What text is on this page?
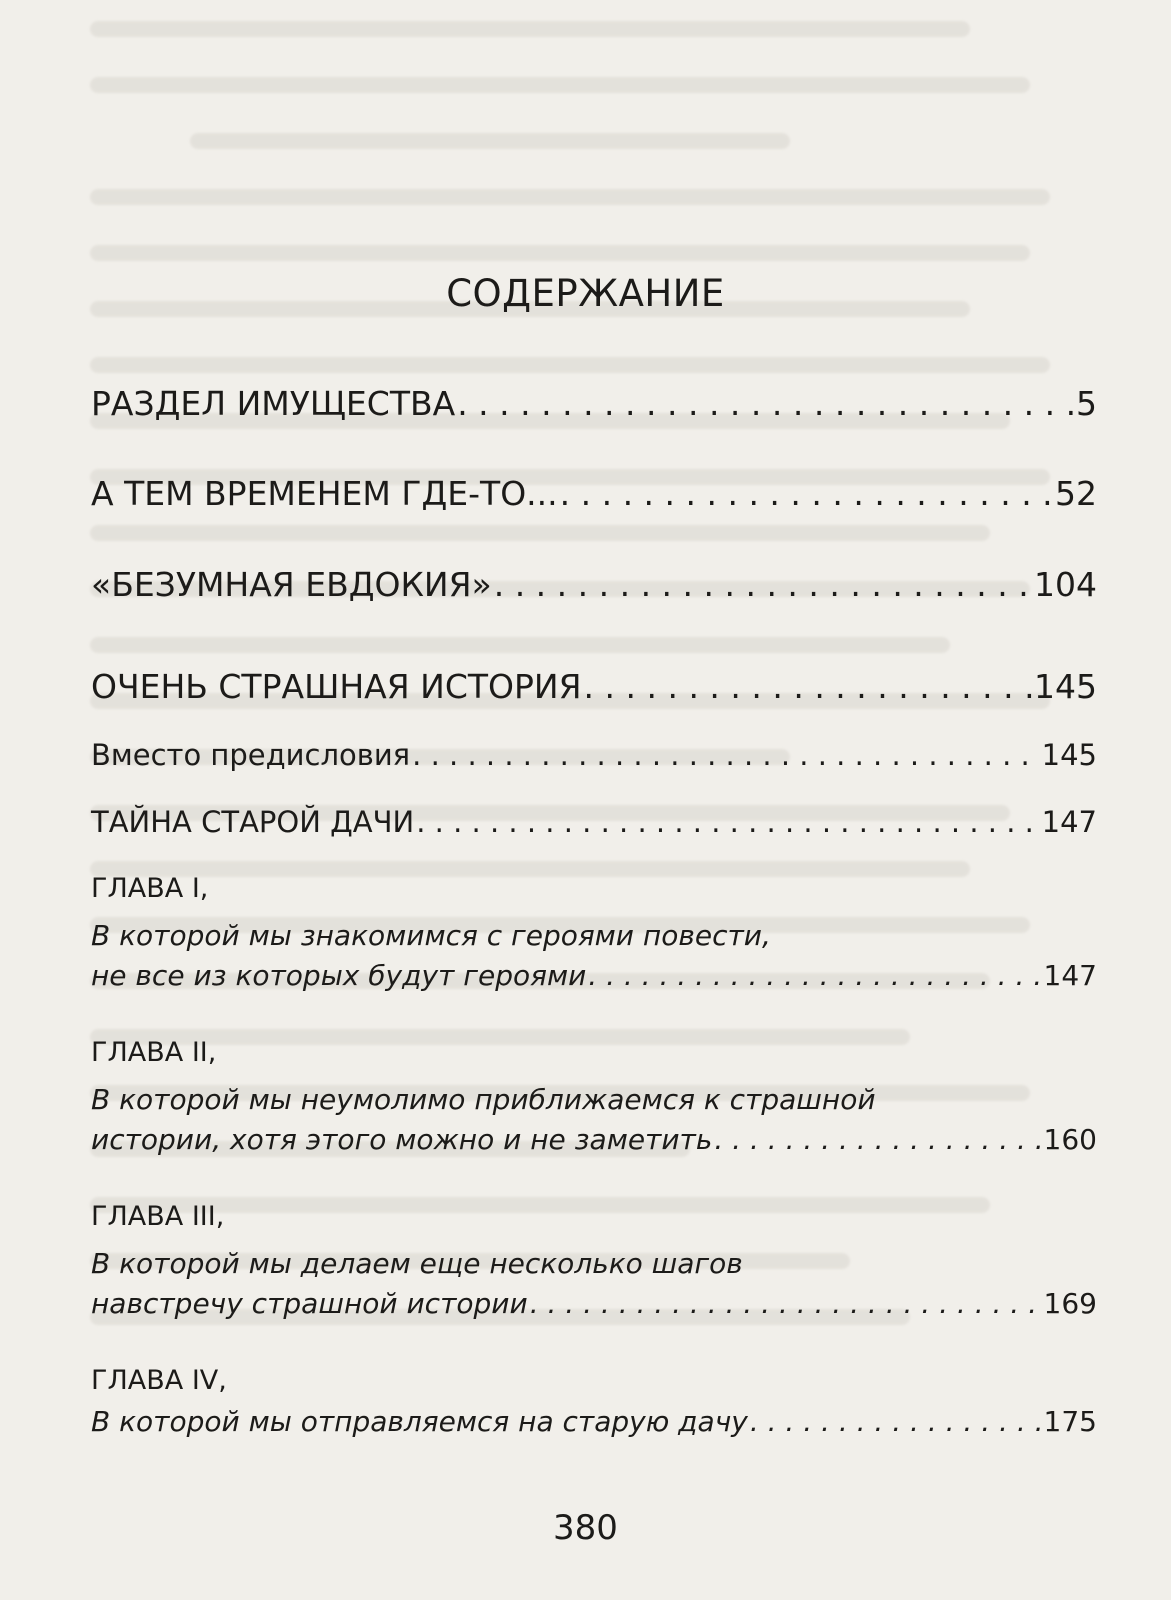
СОДЕРЖАНИЕ
РАЗДЕЛ ИМУЩЕСТВА . . .	5
А ТЕМ ВРЕМЕНЕМ ГДЕ-ТО... . . .	52
«БЕЗУМНАЯ ЕВДОКИЯ» . . .	104
ОЧЕНЬ СТРАШНАЯ ИСТОРИЯ . . .	145
Вместо предисловия . . .	145
ТАЙНА СТАРОЙ ДАЧИ . . .	147
ГЛАВА I,
В которой мы знакомимся с героями повести,
не все из которых будут героями . . .	147
ГЛАВА II,
В которой мы неумолимо приближаемся к страшной
истории, хотя этого можно и не заметить . . .	160
ГЛАВА III,
В которой мы делаем еще несколько шагов
навстречу страшной истории . . .	169
ГЛАВА IV,
В которой мы отправляемся на старую дачу . . .	175
380
